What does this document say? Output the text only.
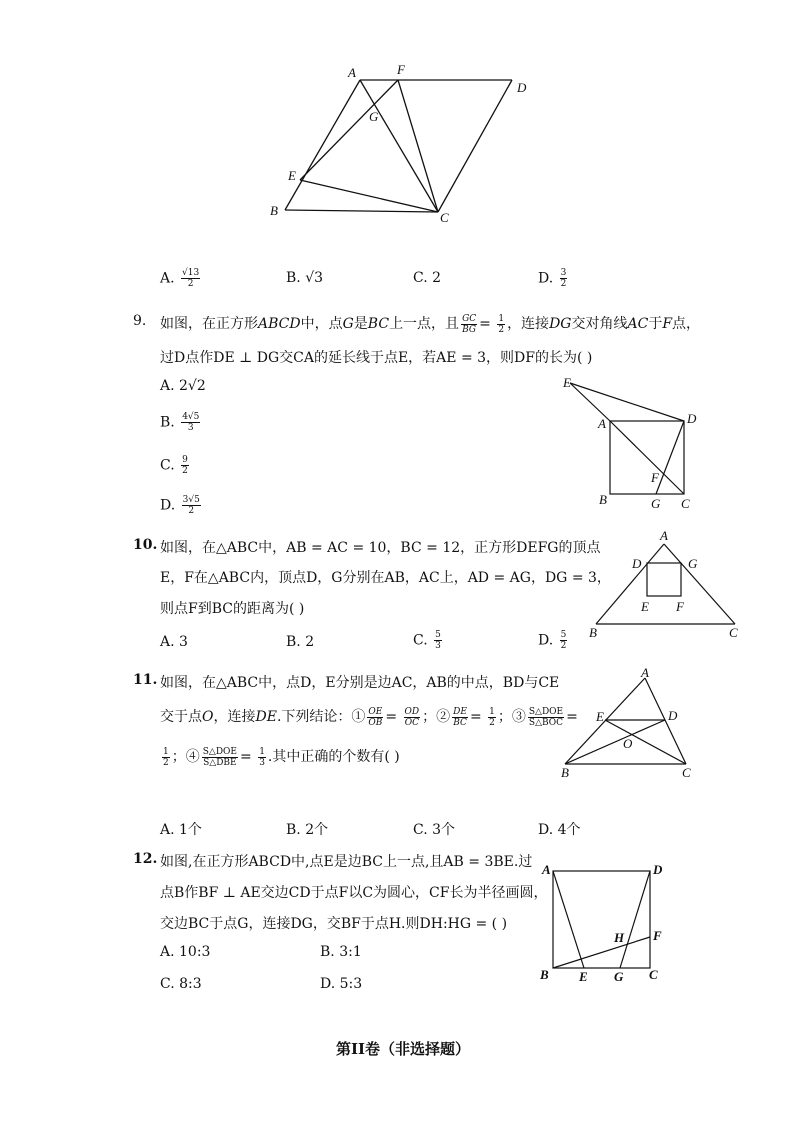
A	F
D
G
E
B	C
A. $\frac{√13}{2}$	B. √3	C. 2	D. $\frac{3}{2}$
9. 如图，在正方形ABCD中，点G是BC上一点，且 $\frac{GC}{BG} = \frac{1}{2}$ ，连接DG交对角线AC于F点，
过D点作DE ⊥ DG交CA的延长线于点E，若AE = 3，则DF的长为( )
A. 2√2
B. $\frac{4√5}{3}$
C. $\frac{9}{2}$
D. $\frac{3√5}{2}$
E
A	D
F
B	G C
10. 如图，在△ABC中，AB = AC = 10，BC = 12，正方形DEFG的顶点
E，F在△ABC内，顶点D，G分别在AB，AC上，AD = AG，DG = 3，
则点F到BC的距离为( )
A. 3	B. 2	C. $\frac{5}{3}$	D. $\frac{5}{2}$
A
D	G
E F
B	C
11. 如图，在△ABC中，点D，E分别是边AC，AB的中点，BD与CE
交于点O，连接DE.下列结论：① $\frac{OE}{OB} = \frac{OD}{OC}$ ；② $\frac{DE}{BC} = \frac{1}{2}$ ；③ $\frac{\text{S△DOE}}{\text{S△BOC}}$ =
$\frac{1}{2}$ ；④ $\frac{\text{S△DOE}}{\text{S△DBE}} = \frac{1}{3}$ .其中正确的个数有( )
A. 1个	B. 2个	C. 3个	D. 4个
A
E	D
O
B	C
12. 如图,在正方形ABCD中,点E是边BC上一点,且AB = 3BE.过
点B作BF ⊥ AE交边CD于点F以C为圆心，CF长为半径画圆，
交边BC于点G，连接DG，交BF于点H.则DH:HG = ( )
A. 10:3	B. 3:1
C. 8:3	D. 5:3
A	D
H F
B E G C
第II卷（非选择题）
